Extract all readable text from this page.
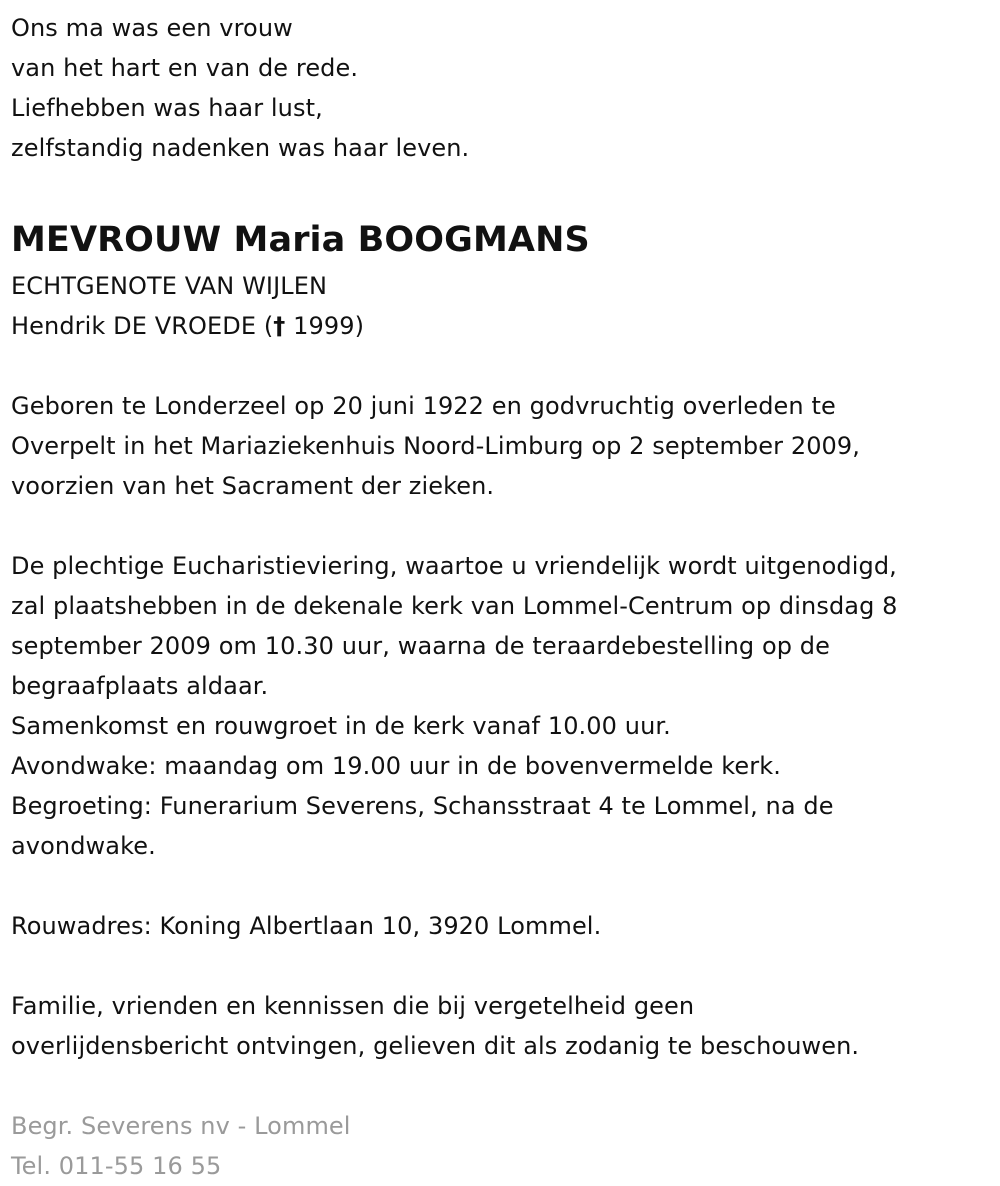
Ons ma was een vrouw
van het hart en van de rede.
Liefhebben was haar lust,
zelfstandig nadenken was haar leven.
MEVROUW Maria BOOGMANS
ECHTGENOTE VAN WIJLEN
Hendrik DE VROEDE († 1999)
Geboren te Londerzeel op 20 juni 1922 en godvruchtig overleden te
Overpelt in het Mariaziekenhuis Noord-Limburg op 2 september 2009,
voorzien van het Sacrament der zieken.
De plechtige Eucharistieviering, waartoe u vriendelijk wordt uitgenodigd,
zal plaatshebben in de dekenale kerk van Lommel-Centrum op dinsdag 8
september 2009 om 10.30 uur, waarna de teraardebestelling op de
begraafplaats aldaar.
Samenkomst en rouwgroet in de kerk vanaf 10.00 uur.
Avondwake: maandag om 19.00 uur in de bovenvermelde kerk.
Begroeting: Funerarium Severens, Schansstraat 4 te Lommel, na de
avondwake.
Rouwadres: Koning Albertlaan 10, 3920 Lommel.
Familie, vrienden en kennissen die bij vergetelheid geen
overlijdensbericht ontvingen, gelieven dit als zodanig te beschouwen.
Begr. Severens nv - Lommel
Tel. 011-55 16 55
